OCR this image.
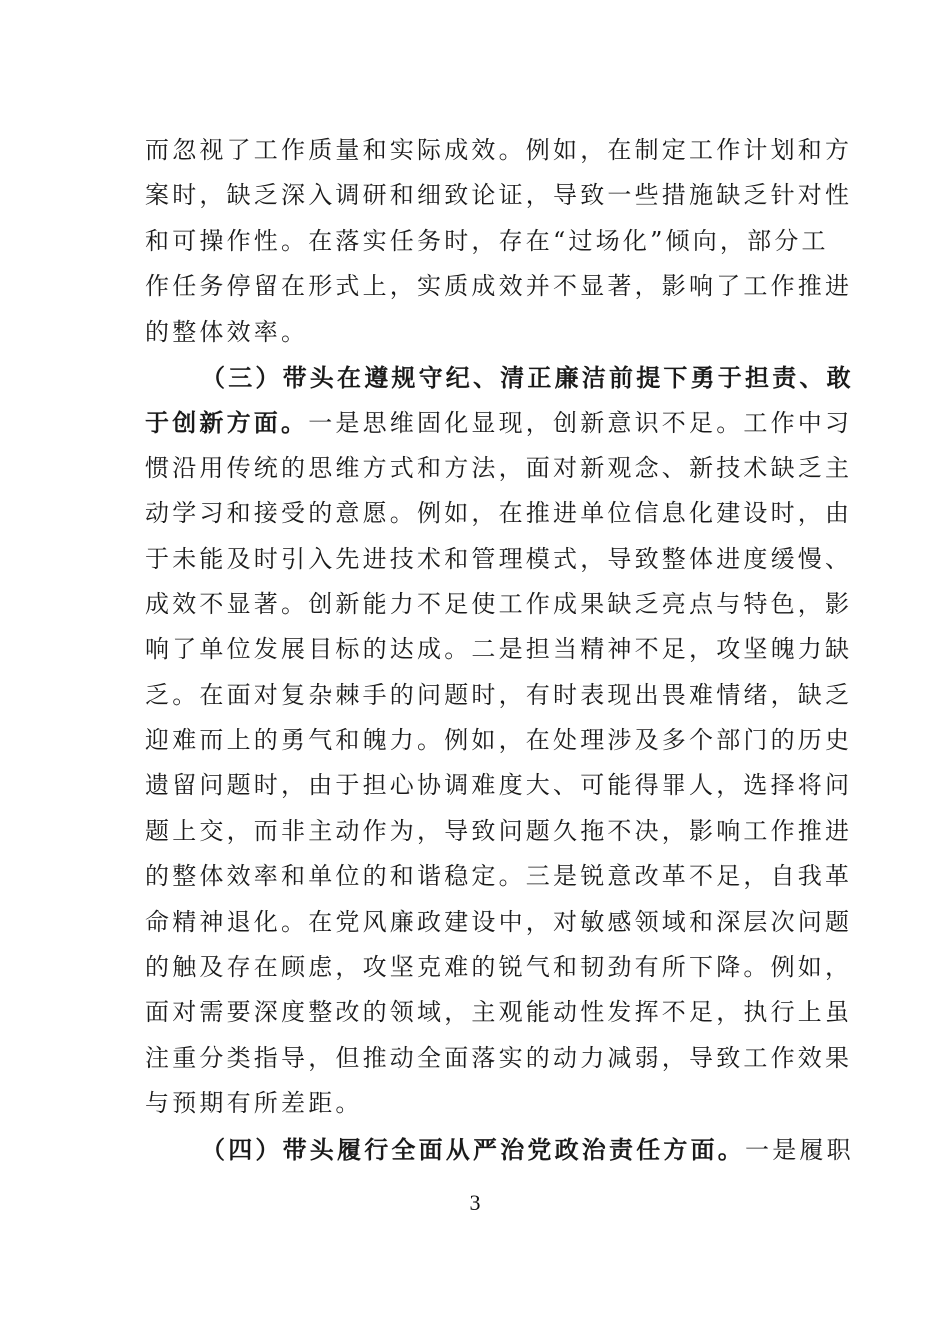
而忽视了工作质量和实际成效。例如，在制定工作计划和方
案时，缺乏深入调研和细致论证，导致一些措施缺乏针对性
和可操作性。在落实任务时，存在“过场化”倾向，部分工
作任务停留在形式上，实质成效并不显著，影响了工作推进
的整体效率。
（三）带头在遵规守纪、清正廉洁前提下勇于担责、敢
于创新方面。一是思维固化显现，创新意识不足。工作中习
惯沿用传统的思维方式和方法，面对新观念、新技术缺乏主
动学习和接受的意愿。例如，在推进单位信息化建设时，由
于未能及时引入先进技术和管理模式，导致整体进度缓慢、
成效不显著。创新能力不足使工作成果缺乏亮点与特色，影
响了单位发展目标的达成。二是担当精神不足，攻坚魄力缺
乏。在面对复杂棘手的问题时，有时表现出畏难情绪，缺乏
迎难而上的勇气和魄力。例如，在处理涉及多个部门的历史
遗留问题时，由于担心协调难度大、可能得罪人，选择将问
题上交，而非主动作为，导致问题久拖不决，影响工作推进
的整体效率和单位的和谐稳定。三是锐意改革不足，自我革
命精神退化。在党风廉政建设中，对敏感领域和深层次问题
的触及存在顾虑，攻坚克难的锐气和韧劲有所下降。例如，
面对需要深度整改的领域，主观能动性发挥不足，执行上虽
注重分类指导，但推动全面落实的动力减弱，导致工作效果
与预期有所差距。
（四）带头履行全面从严治党政治责任方面。一是履职
3
